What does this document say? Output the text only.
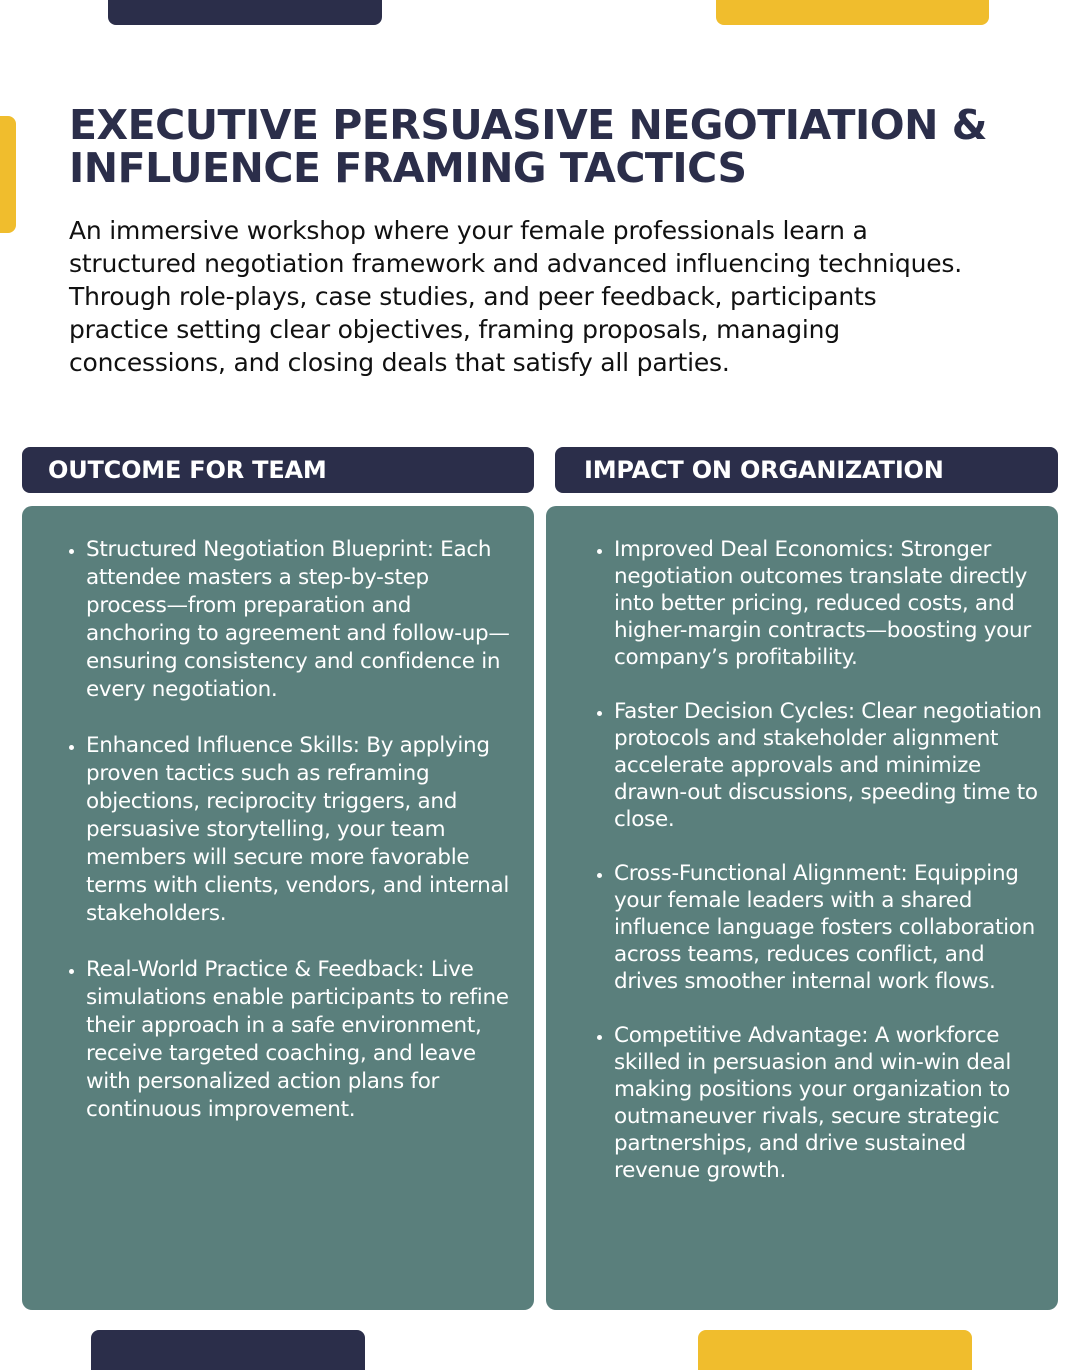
EXECUTIVE PERSUASIVE NEGOTIATION & INFLUENCE FRAMING TACTICS

An immersive workshop where your female professionals learn a structured negotiation framework and advanced influencing techniques. Through role-plays, case studies, and peer feedback, participants practice setting clear objectives, framing proposals, managing concessions, and closing deals that satisfy all parties.

OUTCOME FOR TEAM	IMPACT ON ORGANIZATION
• Structured Negotiation Blueprint: Each attendee masters a step-by-step process—from preparation and anchoring to agreement and follow-up—ensuring consistency and confidence in every negotiation.
• Enhanced Influence Skills: By applying proven tactics such as reframing objections, reciprocity triggers, and persuasive storytelling, your team members will secure more favorable terms with clients, vendors, and internal stakeholders.
• Real-World Practice & Feedback: Live simulations enable participants to refine their approach in a safe environment, receive targeted coaching, and leave with personalized action plans for continuous improvement.
• Improved Deal Economics: Stronger negotiation outcomes translate directly into better pricing, reduced costs, and higher-margin contracts—boosting your company’s profitability.
• Faster Decision Cycles: Clear negotiation protocols and stakeholder alignment accelerate approvals and minimize drawn-out discussions, speeding time to close.
• Cross-Functional Alignment: Equipping your female leaders with a shared influence language fosters collaboration across teams, reduces conflict, and drives smoother internal work flows.
• Competitive Advantage: A workforce skilled in persuasion and win-win deal making positions your organization to outmaneuver rivals, secure strategic partnerships, and drive sustained revenue growth.
